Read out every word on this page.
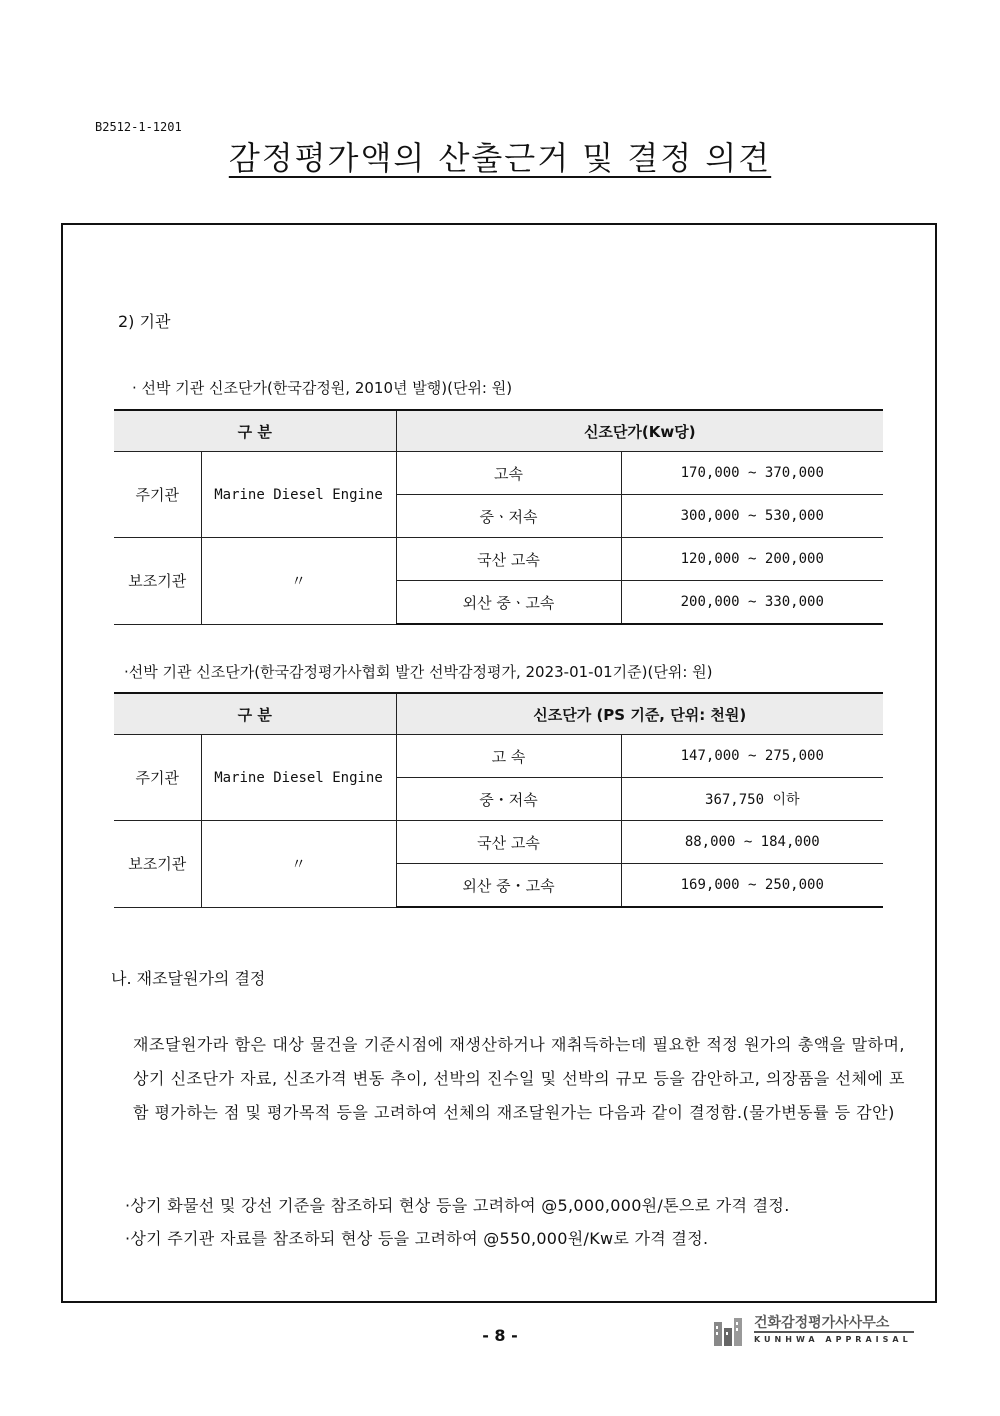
B2512-1-1201
감정평가액의 산출근거 및 결정 의견
2) 기관
· 선박 기관 신조단가(한국감정원, 2010년 발행)(단위: 원)
구 분		신조단가(Kw당)	
주기관	Marine Diesel Engine	고속	170,000 ~ 370,000
		중ㆍ저속	300,000 ~ 530,000
보조기관	〃	국산 고속	120,000 ~ 200,000
		외산 중ㆍ고속	200,000 ~ 330,000
·선박 기관 신조단가(한국감정평가사협회 발간 선박감정평가, 2023-01-01기준)(단위: 원)
구 분		신조단가 (PS 기준, 단위: 천원)	
주기관	Marine Diesel Engine	고 속	147,000 ~ 275,000
		중・저속	367,750 이하
보조기관	〃	국산 고속	88,000 ~ 184,000
		외산 중・고속	169,000 ~ 250,000
나. 재조달원가의 결정
재조달원가라 함은 대상 물건을 기준시점에 재생산하거나 재취득하는데 필요한 적정 원가의 총액을 말하며, 상기 신조단가 자료, 신조가격 변동 추이, 선박의 진수일 및 선박의 규모 등을 감안하고, 의장품을 선체에 포함 평가하는 점 및 평가목적 등을 고려하여 선체의 재조달원가는 다음과 같이 결정함.(물가변동률 등 감안)
·상기 화물선 및 강선 기준을 참조하되 현상 등을 고려하여 @5,000,000원/톤으로 가격 결정.
·상기 주기관 자료를 참조하되 현상 등을 고려하여 @550,000원/Kw로 가격 결정.
- 8 -
건화감정평가사사무소
KUNHWA APPRAISAL
